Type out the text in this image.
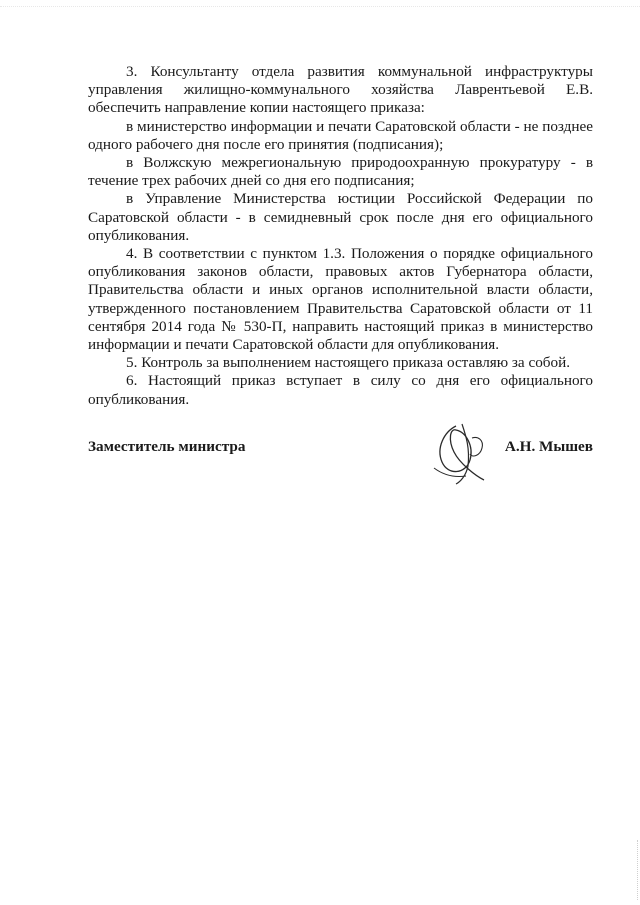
3. Консультанту отдела развития коммунальной инфраструктуры управления жилищно-коммунального хозяйства Лаврентьевой Е.В. обеспечить направление копии настоящего приказа:

в министерство информации и печати Саратовской области - не позднее одного рабочего дня после его принятия (подписания);

в Волжскую межрегиональную природоохранную прокуратуру - в течение трех рабочих дней со дня его подписания;

в Управление Министерства юстиции Российской Федерации по Саратовской области - в семидневный срок после дня его официального опубликования.

4. В соответствии с пунктом 1.3. Положения о порядке официального опубликования законов области, правовых актов Губернатора области, Правительства области и иных органов исполнительной власти области, утвержденного постановлением Правительства Саратовской области от 11 сентября 2014 года № 530-П, направить настоящий приказ в министерство информации и печати Саратовской области для опубликования.

5. Контроль за выполнением настоящего приказа оставляю за собой.

6. Настоящий приказ вступает в силу со дня его официального опубликования.

Заместитель министра	А.Н. Мышев
